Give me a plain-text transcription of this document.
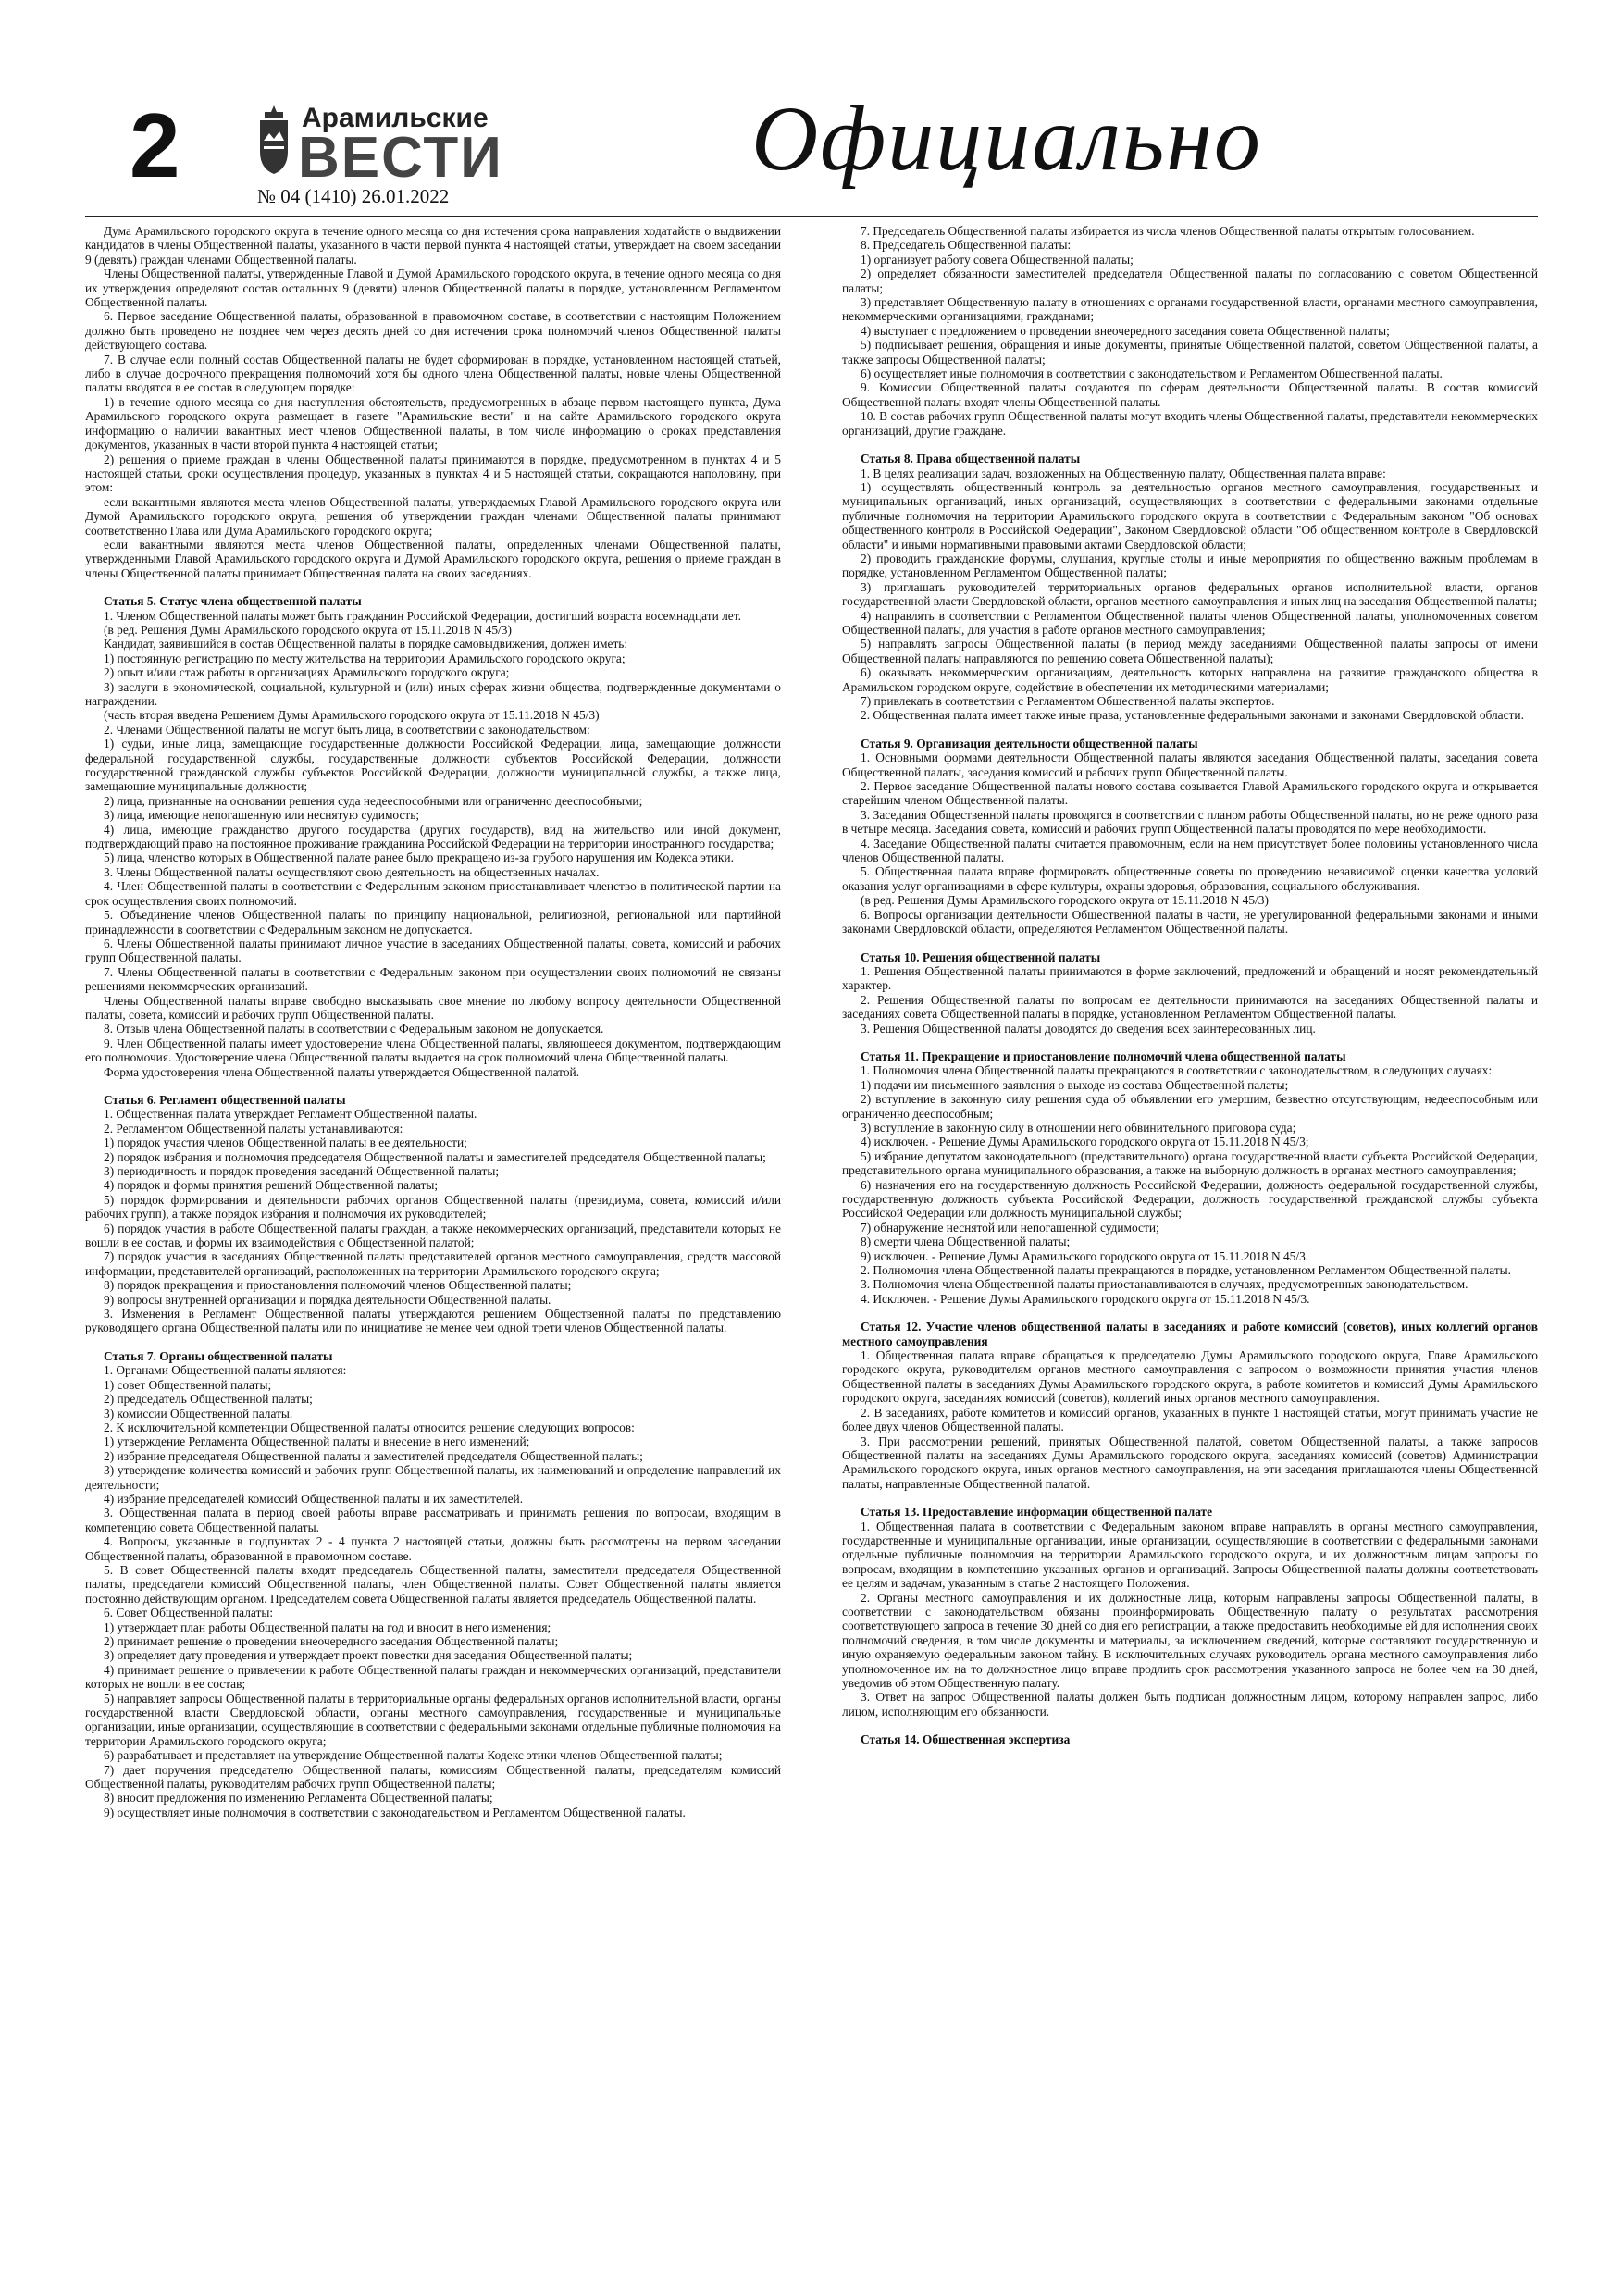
2	Арамильские
ВЕСТИ
№ 04 (1410) 26.01.2022
Официально

Дума Арамильского городского округа в течение одного месяца со дня истечения срока направления ходатайств о выдвижении кандидатов в члены Общественной палаты, указанного в части первой пункта 4 настоящей статьи, утверждает на своем заседании 9 (девять) граждан членами Общественной палаты.

Члены Общественной палаты, утвержденные Главой и Думой Арамильского городского округа, в течение одного месяца со дня их утверждения определяют состав остальных 9 (девяти) членов Общественной палаты в порядке, установленном Регламентом Общественной палаты.

6. Первое заседание Общественной палаты, образованной в правомочном составе, в соответствии с настоящим Положением должно быть проведено не позднее чем через десять дней со дня истечения срока полномочий членов Общественной палаты действующего состава.

7. В случае если полный состав Общественной палаты не будет сформирован в порядке, установленном настоящей статьей, либо в случае досрочного прекращения полномочий хотя бы одного члена Общественной палаты, новые члены Общественной палаты вводятся в ее состав в следующем порядке:

1) в течение одного месяца со дня наступления обстоятельств, предусмотренных в абзаце первом настоящего пункта, Дума Арамильского городского округа размещает в газете "Арамильские вести" и на сайте Арамильского городского округа информацию о наличии вакантных мест членов Общественной палаты, в том числе информацию о сроках представления документов, указанных в части второй пункта 4 настоящей статьи;

2) решения о приеме граждан в члены Общественной палаты принимаются в порядке, предусмотренном в пунктах 4 и 5 настоящей статьи, сроки осуществления процедур, указанных в пунктах 4 и 5 настоящей статьи, сокращаются наполовину, при этом:

если вакантными являются места членов Общественной палаты, утверждаемых Главой Арамильского городского округа или Думой Арамильского городского округа, решения об утверждении граждан членами Общественной палаты принимают соответственно Глава или Дума Арамильского городского округа;

если вакантными являются места членов Общественной палаты, определенных членами Общественной палаты, утвержденными Главой Арамильского городского округа и Думой Арамильского городского округа, решения о приеме граждан в члены Общественной палаты принимает Общественная палата на своих заседаниях.

Статья 5. Статус члена общественной палаты

1. Членом Общественной палаты может быть гражданин Российской Федерации, достигший возраста восемнадцати лет.

(в ред. Решения Думы Арамильского городского округа от 15.11.2018 N 45/3)

Кандидат, заявившийся в состав Общественной палаты в порядке самовыдвижения, должен иметь:

1) постоянную регистрацию по месту жительства на территории Арамильского городского округа;

2) опыт и/или стаж работы в организациях Арамильского городского округа;

3) заслуги в экономической, социальной, культурной и (или) иных сферах жизни общества, подтвержденные документами о награждении.

(часть вторая введена Решением Думы Арамильского городского округа от 15.11.2018 N 45/3)

2. Членами Общественной палаты не могут быть лица, в соответствии с законодательством:

1) судьи, иные лица, замещающие государственные должности Российской Федерации, лица, замещающие должности федеральной государственной службы, государственные должности субъектов Российской Федерации, должности государственной гражданской службы субъектов Российской Федерации, должности муниципальной службы, а также лица, замещающие муниципальные должности;

2) лица, признанные на основании решения суда недееспособными или ограниченно дееспособными;

3) лица, имеющие непогашенную или неснятую судимость;

4) лица, имеющие гражданство другого государства (других государств), вид на жительство или иной документ, подтверждающий право на постоянное проживание гражданина Российской Федерации на территории иностранного государства;

5) лица, членство которых в Общественной палате ранее было прекращено из-за грубого нарушения им Кодекса этики.

3. Члены Общественной палаты осуществляют свою деятельность на общественных началах.

4. Член Общественной палаты в соответствии с Федеральным законом приостанавливает членство в политической партии на срок осуществления своих полномочий.

5. Объединение членов Общественной палаты по принципу национальной, религиозной, региональной или партийной принадлежности в соответствии с Федеральным законом не допускается.

6. Члены Общественной палаты принимают личное участие в заседаниях Общественной палаты, совета, комиссий и рабочих групп Общественной палаты.

7. Члены Общественной палаты в соответствии с Федеральным законом при осуществлении своих полномочий не связаны решениями некоммерческих организаций.

Члены Общественной палаты вправе свободно высказывать свое мнение по любому вопросу деятельности Общественной палаты, совета, комиссий и рабочих групп Общественной палаты.

8. Отзыв члена Общественной палаты в соответствии с Федеральным законом не допускается.

9. Член Общественной палаты имеет удостоверение члена Общественной палаты, являющееся документом, подтверждающим его полномочия. Удостоверение члена Общественной палаты выдается на срок полномочий члена Общественной палаты.

Форма удостоверения члена Общественной палаты утверждается Общественной палатой.

Статья 6. Регламент общественной палаты

1. Общественная палата утверждает Регламент Общественной палаты.

2. Регламентом Общественной палаты устанавливаются:

1) порядок участия членов Общественной палаты в ее деятельности;

2) порядок избрания и полномочия председателя Общественной палаты и заместителей председателя Общественной палаты;

3) периодичность и порядок проведения заседаний Общественной палаты;

4) порядок и формы принятия решений Общественной палаты;

5) порядок формирования и деятельности рабочих органов Общественной палаты (президиума, совета, комиссий и/или рабочих групп), а также порядок избрания и полномочия их руководителей;

6) порядок участия в работе Общественной палаты граждан, а также некоммерческих организаций, представители которых не вошли в ее состав, и формы их взаимодействия с Общественной палатой;

7) порядок участия в заседаниях Общественной палаты представителей органов местного самоуправления, средств массовой информации, представителей организаций, расположенных на территории Арамильского городского округа;

8) порядок прекращения и приостановления полномочий членов Общественной палаты;

9) вопросы внутренней организации и порядка деятельности Общественной палаты.

3. Изменения в Регламент Общественной палаты утверждаются решением Общественной палаты по представлению руководящего органа Общественной палаты или по инициативе не менее чем одной трети членов Общественной палаты.

Статья 7. Органы общественной палаты

1. Органами Общественной палаты являются:

1) совет Общественной палаты;

2) председатель Общественной палаты;

3) комиссии Общественной палаты.

2. К исключительной компетенции Общественной палаты относится решение следующих вопросов:

1) утверждение Регламента Общественной палаты и внесение в него изменений;

2) избрание председателя Общественной палаты и заместителей председателя Общественной палаты;

3) утверждение количества комиссий и рабочих групп Общественной палаты, их наименований и определение направлений их деятельности;

4) избрание председателей комиссий Общественной палаты и их заместителей.

3. Общественная палата в период своей работы вправе рассматривать и принимать решения по вопросам, входящим в компетенцию совета Общественной палаты.

4. Вопросы, указанные в подпунктах 2 - 4 пункта 2 настоящей статьи, должны быть рассмотрены на первом заседании Общественной палаты, образованной в правомочном составе.

5. В совет Общественной палаты входят председатель Общественной палаты, заместители председателя Общественной палаты, председатели комиссий Общественной палаты, член Общественной палаты. Совет Общественной палаты является постоянно действующим органом. Председателем совета Общественной палаты является председатель Общественной палаты.

6. Совет Общественной палаты:

1) утверждает план работы Общественной палаты на год и вносит в него изменения;

2) принимает решение о проведении внеочередного заседания Общественной палаты;

3) определяет дату проведения и утверждает проект повестки дня заседания Общественной палаты;

4) принимает решение о привлечении к работе Общественной палаты граждан и некоммерческих организаций, представители которых не вошли в ее состав;

5) направляет запросы Общественной палаты в территориальные органы федеральных органов исполнительной власти, органы государственной власти Свердловской области, органы местного самоуправления, государственные и муниципальные организации, иные организации, осуществляющие в соответствии с федеральными законами отдельные публичные полномочия на территории Арамильского городского округа;

6) разрабатывает и представляет на утверждение Общественной палаты Кодекс этики членов Общественной палаты;

7) дает поручения председателю Общественной палаты, комиссиям Общественной палаты, председателям комиссий Общественной палаты, руководителям рабочих групп Общественной палаты;

8) вносит предложения по изменению Регламента Общественной палаты;

9) осуществляет иные полномочия в соответствии с законодательством и Регламентом Общественной палаты.

7. Председатель Общественной палаты избирается из числа членов Общественной палаты открытым голосованием.

8. Председатель Общественной палаты:

1) организует работу совета Общественной палаты;

2) определяет обязанности заместителей председателя Общественной палаты по согласованию с советом Общественной палаты;

3) представляет Общественную палату в отношениях с органами государственной власти, органами местного самоуправления, некоммерческими организациями, гражданами;

4) выступает с предложением о проведении внеочередного заседания совета Общественной палаты;

5) подписывает решения, обращения и иные документы, принятые Общественной палатой, советом Общественной палаты, а также запросы Общественной палаты;

6) осуществляет иные полномочия в соответствии с законодательством и Регламентом Общественной палаты.

9. Комиссии Общественной палаты создаются по сферам деятельности Общественной палаты. В состав комиссий Общественной палаты входят члены Общественной палаты.

10. В состав рабочих групп Общественной палаты могут входить члены Общественной палаты, представители некоммерческих организаций, другие граждане.

Статья 8. Права общественной палаты

1. В целях реализации задач, возложенных на Общественную палату, Общественная палата вправе:

1) осуществлять общественный контроль за деятельностью органов местного самоуправления, государственных и муниципальных организаций, иных организаций, осуществляющих в соответствии с федеральными законами отдельные публичные полномочия на территории Арамильского городского округа в соответствии с Федеральным законом "Об основах общественного контроля в Российской Федерации", Законом Свердловской области "Об общественном контроле в Свердловской области" и иными нормативными правовыми актами Свердловской области;

2) проводить гражданские форумы, слушания, круглые столы и иные мероприятия по общественно важным проблемам в порядке, установленном Регламентом Общественной палаты;

3) приглашать руководителей территориальных органов федеральных органов исполнительной власти, органов государственной власти Свердловской области, органов местного самоуправления и иных лиц на заседания Общественной палаты;

4) направлять в соответствии с Регламентом Общественной палаты членов Общественной палаты, уполномоченных советом Общественной палаты, для участия в работе органов местного самоуправления;

5) направлять запросы Общественной палаты (в период между заседаниями Общественной палаты запросы от имени Общественной палаты направляются по решению совета Общественной палаты);

6) оказывать некоммерческим организациям, деятельность которых направлена на развитие гражданского общества в Арамильском городском округе, содействие в обеспечении их методическими материалами;

7) привлекать в соответствии с Регламентом Общественной палаты экспертов.

2. Общественная палата имеет также иные права, установленные федеральными законами и законами Свердловской области.

Статья 9. Организация деятельности общественной палаты

1. Основными формами деятельности Общественной палаты являются заседания Общественной палаты, заседания совета Общественной палаты, заседания комиссий и рабочих групп Общественной палаты.

2. Первое заседание Общественной палаты нового состава созывается Главой Арамильского городского округа и открывается старейшим членом Общественной палаты.

3. Заседания Общественной палаты проводятся в соответствии с планом работы Общественной палаты, но не реже одного раза в четыре месяца. Заседания совета, комиссий и рабочих групп Общественной палаты проводятся по мере необходимости.

4. Заседание Общественной палаты считается правомочным, если на нем присутствует более половины установленного числа членов Общественной палаты.

5. Общественная палата вправе формировать общественные советы по проведению независимой оценки качества условий оказания услуг организациями в сфере культуры, охраны здоровья, образования, социального обслуживания.

(в ред. Решения Думы Арамильского городского округа от 15.11.2018 N 45/3)

6. Вопросы организации деятельности Общественной палаты в части, не урегулированной федеральными законами и иными законами Свердловской области, определяются Регламентом Общественной палаты.

Статья 10. Решения общественной палаты

1. Решения Общественной палаты принимаются в форме заключений, предложений и обращений и носят рекомендательный характер.

2. Решения Общественной палаты по вопросам ее деятельности принимаются на заседаниях Общественной палаты и заседаниях совета Общественной палаты в порядке, установленном Регламентом Общественной палаты.

3. Решения Общественной палаты доводятся до сведения всех заинтересованных лиц.

Статья 11. Прекращение и приостановление полномочий члена общественной палаты

1. Полномочия члена Общественной палаты прекращаются в соответствии с законодательством, в следующих случаях:

1) подачи им письменного заявления о выходе из состава Общественной палаты;

2) вступление в законную силу решения суда об объявлении его умершим, безвестно отсутствующим, недееспособным или ограниченно дееспособным;

3) вступление в законную силу в отношении него обвинительного приговора суда;

4) исключен. - Решение Думы Арамильского городского округа от 15.11.2018 N 45/3;

5) избрание депутатом законодательного (представительного) органа государственной власти субъекта Российской Федерации, представительного органа муниципального образования, а также на выборную должность в органах местного самоуправления;

6) назначения его на государственную должность Российской Федерации, должность федеральной государственной службы, государственную должность субъекта Российской Федерации, должность государственной гражданской службы субъекта Российской Федерации или должность муниципальной службы;

7) обнаружение неснятой или непогашенной судимости;

8) смерти члена Общественной палаты;

9) исключен. - Решение Думы Арамильского городского округа от 15.11.2018 N 45/3.

2. Полномочия члена Общественной палаты прекращаются в порядке, установленном Регламентом Общественной палаты.

3. Полномочия члена Общественной палаты приостанавливаются в случаях, предусмотренных законодательством.

4. Исключен. - Решение Думы Арамильского городского округа от 15.11.2018 N 45/3.

Статья 12. Участие членов общественной палаты в заседаниях и работе комиссий (советов), иных коллегий органов местного самоуправления

1. Общественная палата вправе обращаться к председателю Думы Арамильского городского округа, Главе Арамильского городского округа, руководителям органов местного самоуправления с запросом о возможности принятия участия членов Общественной палаты в заседаниях Думы Арамильского городского округа, в работе комитетов и комиссий Думы Арамильского городского округа, заседаниях комиссий (советов), коллегий иных органов местного самоуправления.

2. В заседаниях, работе комитетов и комиссий органов, указанных в пункте 1 настоящей статьи, могут принимать участие не более двух членов Общественной палаты.

3. При рассмотрении решений, принятых Общественной палатой, советом Общественной палаты, а также запросов Общественной палаты на заседаниях Думы Арамильского городского округа, заседаниях комиссий (советов) Администрации Арамильского городского округа, иных органов местного самоуправления, на эти заседания приглашаются члены Общественной палаты, направленные Общественной палатой.

Статья 13. Предоставление информации общественной палате

1. Общественная палата в соответствии с Федеральным законом вправе направлять в органы местного самоуправления, государственные и муниципальные организации, иные организации, осуществляющие в соответствии с федеральными законами отдельные публичные полномочия на территории Арамильского городского округа, и их должностным лицам запросы по вопросам, входящим в компетенцию указанных органов и организаций. Запросы Общественной палаты должны соответствовать ее целям и задачам, указанным в статье 2 настоящего Положения.

2. Органы местного самоуправления и их должностные лица, которым направлены запросы Общественной палаты, в соответствии с законодательством обязаны проинформировать Общественную палату о результатах рассмотрения соответствующего запроса в течение 30 дней со дня его регистрации, а также предоставить необходимые ей для исполнения своих полномочий сведения, в том числе документы и материалы, за исключением сведений, которые составляют государственную и иную охраняемую федеральным законом тайну. В исключительных случаях руководитель органа местного самоуправления либо уполномоченное им на то должностное лицо вправе продлить срок рассмотрения указанного запроса не более чем на 30 дней, уведомив об этом Общественную палату.

3. Ответ на запрос Общественной палаты должен быть подписан должностным лицом, которому направлен запрос, либо лицом, исполняющим его обязанности.

Статья 14. Общественная экспертиза
